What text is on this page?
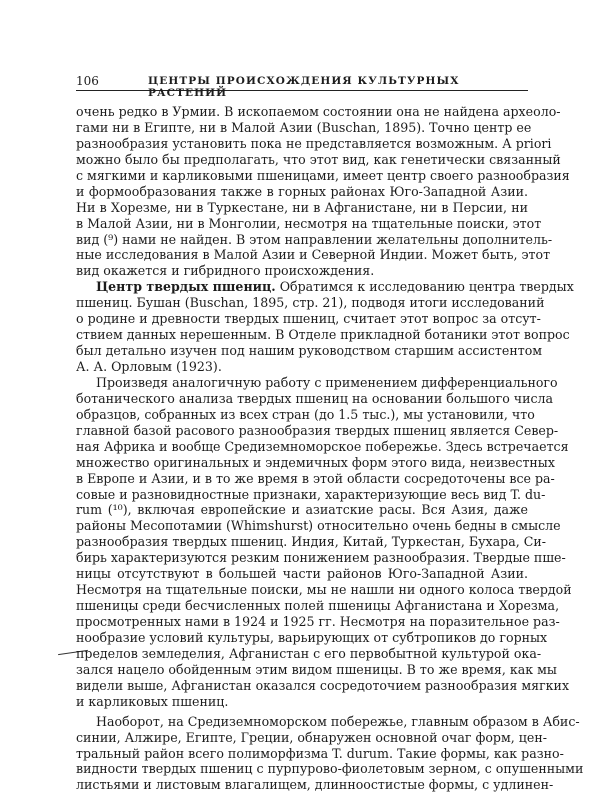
106	ЦЕНТРЫ ПРОИСХОЖДЕНИЯ КУЛЬТУРНЫХ РАСТЕНИЙ
очень редко в Урмии. В ископаемом состоянии она не найдена археоло-
гами ни в Египте, ни в Малой Азии (Buschan, 1895). Точно центр ее
разнообразия установить пока не представляется возможным. А priori
можно было бы предполагать, что этот вид, как генетически связанный
с мягкими и карликовыми пшеницами, имеет центр своего разнообразия
и формообразования также в горных районах Юго-Западной Азии.
Ни в Хорезме, ни в Туркестане, ни в Афганистане, ни в Персии, ни
в Малой Азии, ни в Монголии, несмотря на тщательные поиски, этот
вид (⁹) нами не найден. В этом направлении желательны дополнитель-
ные исследования в Малой Азии и Северной Индии. Может быть, этот
вид окажется и гибридного происхождения.
Центр твердых пшениц. Обратимся к исследованию центра твердых
пшениц. Бушан (Buschan, 1895, стр. 21), подводя итоги исследований
о родине и древности твердых пшениц, считает этот вопрос за отсут-
ствием данных нерешенным. В Отделе прикладной ботаники этот вопрос
был детально изучен под нашим руководством старшим ассистентом
А. А. Орловым (1923).
Произведя аналогичную работу с применением дифференциального
ботанического анализа твердых пшениц на основании большого числа
образцов, собранных из всех стран (до 1.5 тыс.), мы установили, что
главной базой расового разнообразия твердых пшениц является Север-
ная Африка и вообще Средиземноморское побережье. Здесь встречается
множество оригинальных и эндемичных форм этого вида, неизвестных
в Европе и Азии, и в то же время в этой области сосредоточены все ра-
совые и разновидностные признаки, характеризующие весь вид T. du-
rum (¹⁰), включая европейские и азиатские расы. Вся Азия, даже
районы Месопотамии (Whimshurst) относительно очень бедны в смысле
разнообразия твердых пшениц. Индия, Китай, Туркестан, Бухара, Си-
бирь характеризуются резким понижением разнообразия. Твердые пше-
ницы отсутствуют в большей части районов Юго-Западной Азии.
Несмотря на тщательные поиски, мы не нашли ни одного колоса твердой
пшеницы среди бесчисленных полей пшеницы Афганистана и Хорезма,
просмотренных нами в 1924 и 1925 гг. Несмотря на поразительное раз-
нообразие условий культуры, варьирующих от субтропиков до горных
пределов земледелия, Афганистан с его первобытной культурой ока-
зался нацело обойденным этим видом пшеницы. В то же время, как мы
видели выше, Афганистан оказался сосредоточием разнообразия мягких
и карликовых пшениц.
Наоборот, на Средиземноморском побережье, главным образом в Абис-
синии, Алжире, Египте, Греции, обнаружен основной очаг форм, цен-
тральный район всего полиморфизма T. durum. Такие формы, как разно-
видности твердых пшениц с пурпурово-фиолетовым зерном, с опушенными
листьями и листовым влагалищем, длинноостистые формы, с удлинен-
